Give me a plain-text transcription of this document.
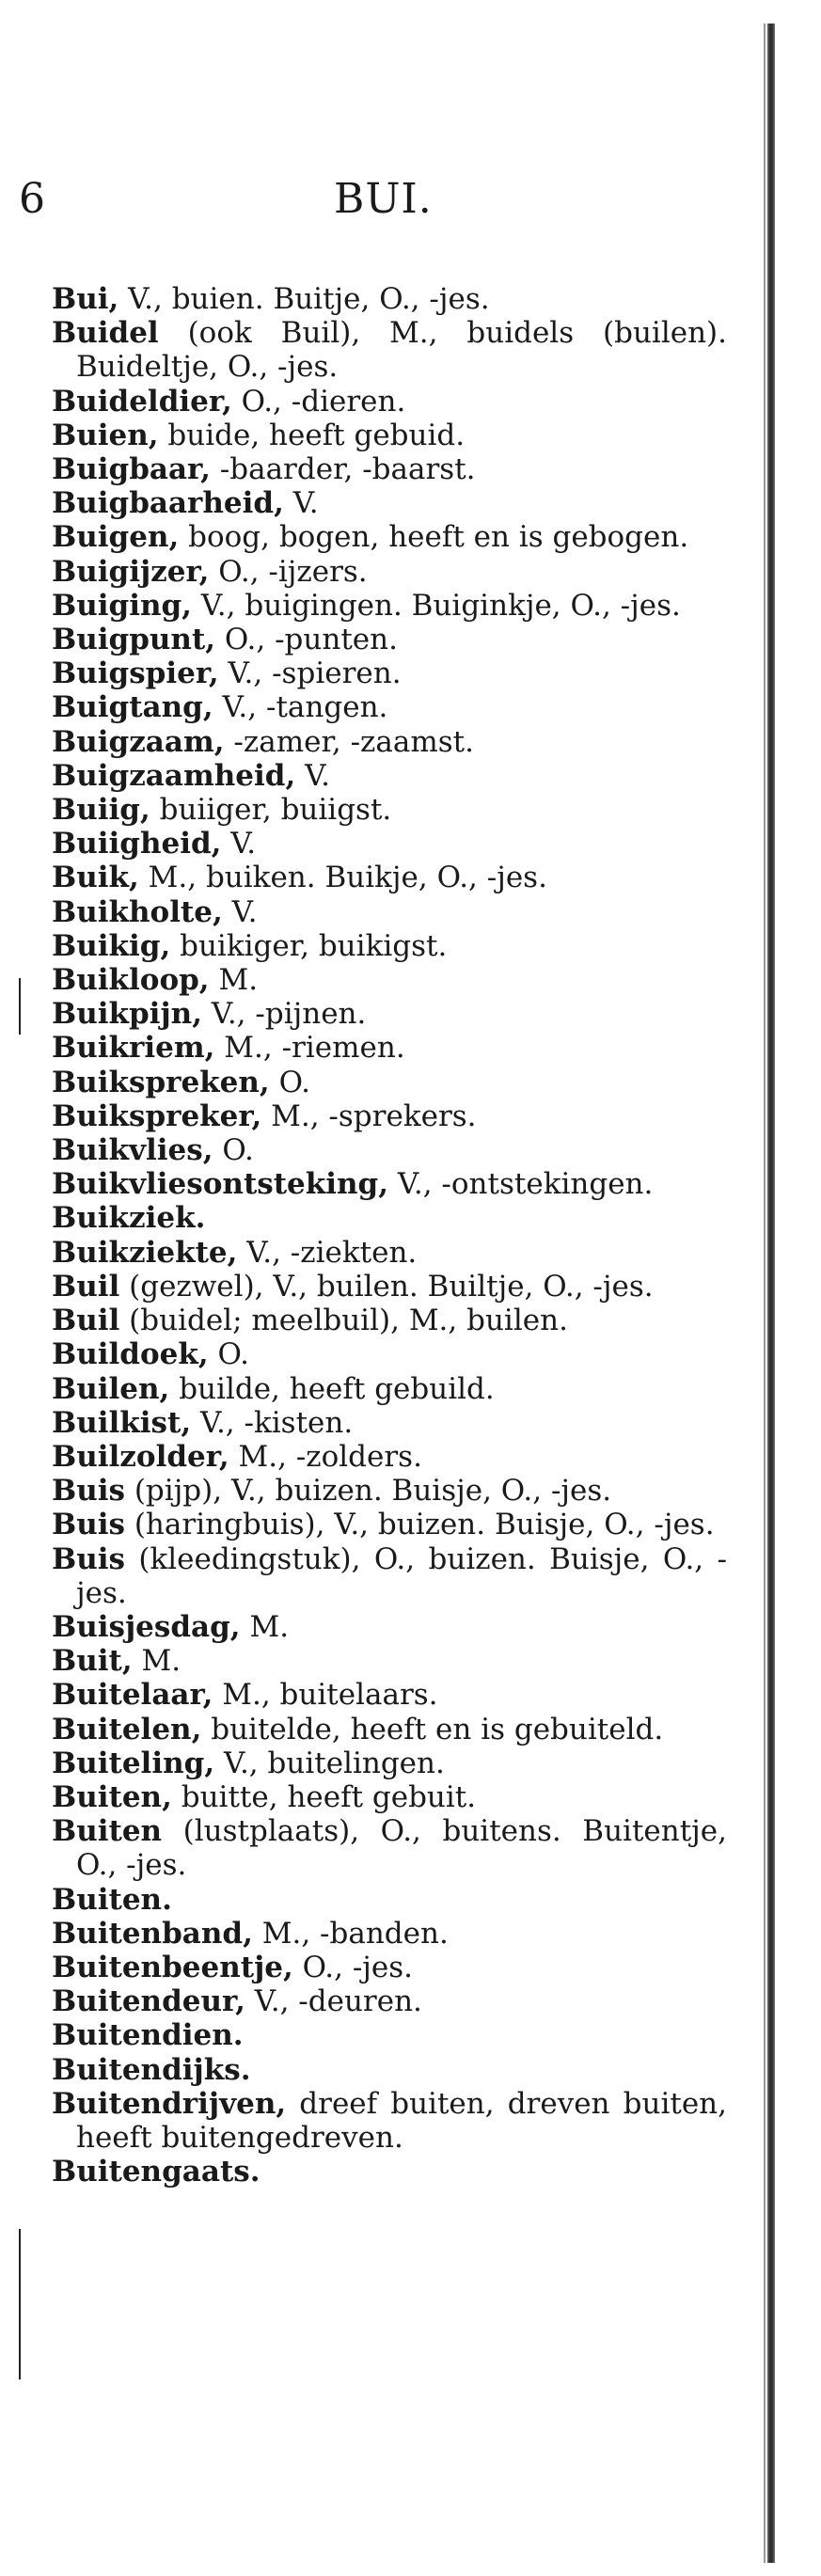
6	BUI.
Bui, V., buien. Buitje, O., -jes.
Buidel (ook Buil), M., buidels (builen). Buideltje, O., -jes.
Buideldier, O., -dieren.
Buien, buide, heeft gebuid.
Buigbaar, -baarder, -baarst.
Buigbaarheid, V.
Buigen, boog, bogen, heeft en is gebogen.
Buigijzer, O., -ijzers.
Buiging, V., buigingen. Buiginkje, O., -jes.
Buigpunt, O., -punten.
Buigspier, V., -spieren.
Buigtang, V., -tangen.
Buigzaam, -zamer, -zaamst.
Buigzaamheid, V.
Buiig, buiiger, buiigst.
Buiigheid, V.
Buik, M., buiken. Buikje, O., -jes.
Buikholte, V.
Buikig, buikiger, buikigst.
Buikloop, M.
Buikpijn, V., -pijnen.
Buikriem, M., -riemen.
Buikspreken, O.
Buikspreker, M., -sprekers.
Buikvlies, O.
Buikvliesontsteking, V., -ontstekingen.
Buikziek.
Buikziekte, V., -ziekten.
Buil (gezwel), V., builen. Builtje, O., -jes.
Buil (buidel; meelbuil), M., builen.
Buildoek, O.
Builen, builde, heeft gebuild.
Builkist, V., -kisten.
Builzolder, M., -zolders.
Buis (pijp), V., buizen. Buisje, O., -jes.
Buis (haringbuis), V., buizen. Buisje, O., -jes.
Buis (kleedingstuk), O., buizen. Buisje, O., -jes.
Buisjesdag, M.
Buit, M.
Buitelaar, M., buitelaars.
Buitelen, buitelde, heeft en is gebuiteld.
Buiteling, V., buitelingen.
Buiten, buitte, heeft gebuit.
Buiten (lustplaats), O., buitens. Buitentje, O., -jes.
Buiten.
Buitenband, M., -banden.
Buitenbeentje, O., -jes.
Buitendeur, V., -deuren.
Buitendien.
Buitendijks.
Buitendrijven, dreef buiten, dreven buiten, heeft buitengedreven.
Buitengaats.
